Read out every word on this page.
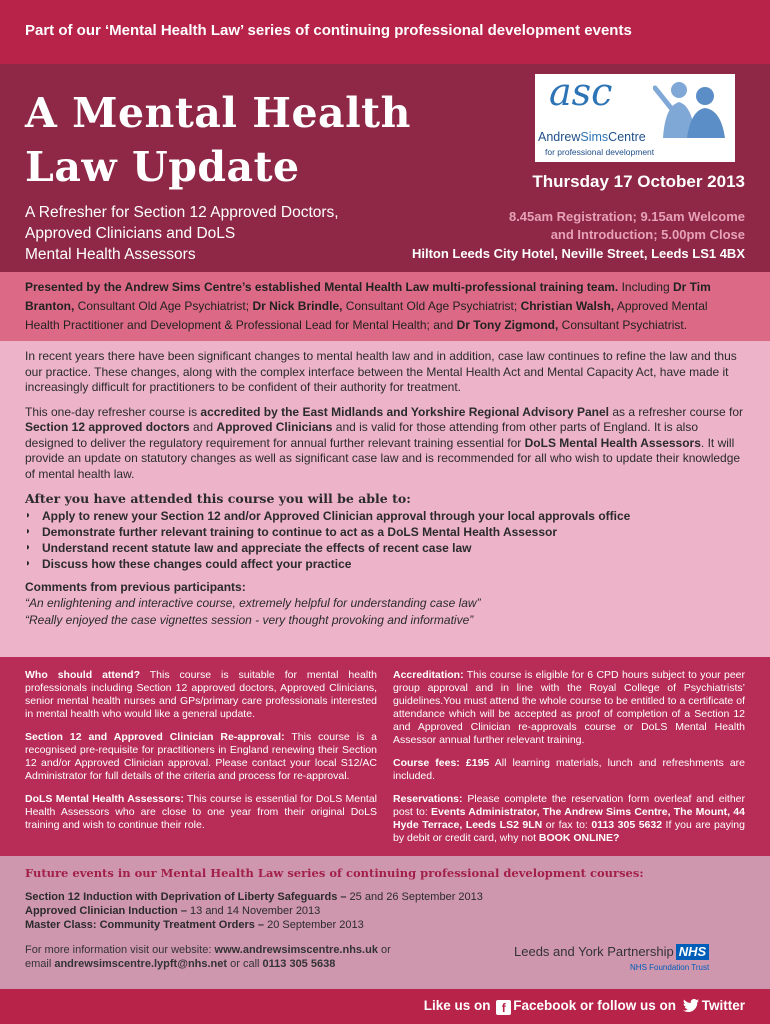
Part of our ‘Mental Health Law’ series of continuing professional development events
A Mental Health
Law Update
A Refresher for Section 12 Approved Doctors,
Approved Clinicians and DoLS
Mental Health Assessors
asc
AndrewSimsCentre
for professional development
Thursday 17 October 2013
8.45am Registration; 9.15am Welcome
and Introduction; 5.00pm Close
Hilton Leeds City Hotel, Neville Street, Leeds LS1 4BX
Presented by the Andrew Sims Centre’s established Mental Health Law multi-professional training team. Including Dr Tim Branton, Consultant Old Age Psychiatrist; Dr Nick Brindle, Consultant Old Age Psychiatrist; Christian Walsh, Approved Mental Health Practitioner and Development & Professional Lead for Mental Health; and Dr Tony Zigmond, Consultant Psychiatrist.

In recent years there have been significant changes to mental health law and in addition, case law continues to refine the law and thus our practice. These changes, along with the complex interface between the Mental Health Act and Mental Capacity Act, have made it increasingly difficult for practitioners to be confident of their authority for treatment.

This one-day refresher course is accredited by the East Midlands and Yorkshire Regional Advisory Panel as a refresher course for Section 12 approved doctors and Approved Clinicians and is valid for those attending from other parts of England. It is also designed to deliver the regulatory requirement for annual further relevant training essential for DoLS Mental Health Assessors. It will provide an update on statutory changes as well as significant case law and is recommended for all who wish to update their knowledge of mental health law.

After you have attended this course you will be able to:
◗ Apply to renew your Section 12 and/or Approved Clinician approval through your local approvals office
◗ Demonstrate further relevant training to continue to act as a DoLS Mental Health Assessor
◗ Understand recent statute law and appreciate the effects of recent case law
◗ Discuss how these changes could affect your practice
Comments from previous participants:
“An enlightening and interactive course, extremely helpful for understanding case law”
“Really enjoyed the case vignettes session - very thought provoking and informative”

Who should attend? This course is suitable for mental health professionals including Section 12 approved doctors, Approved Clinicians, senior mental health nurses and GPs/primary care professionals interested in mental health who would like a general update.

Section 12 and Approved Clinician Re-approval: This course is a recognised pre-requisite for practitioners in England renewing their Section 12 and/or Approved Clinician approval. Please contact your local S12/AC Administrator for full details of the criteria and process for re-approval.

DoLS Mental Health Assessors: This course is essential for DoLS Mental Health Assessors who are close to one year from their original DoLS training and wish to continue their role.

Accreditation: This course is eligible for 6 CPD hours subject to your peer group approval and in line with the Royal College of Psychiatrists’ guidelines.You must attend the whole course to be entitled to a certificate of attendance which will be accepted as proof of completion of a Section 12 and Approved Clinician re-approvals course or DoLS Mental Health Assessor annual further relevant training.

Course fees: £195 All learning materials, lunch and refreshments are included.

Reservations: Please complete the reservation form overleaf and either post to: Events Administrator, The Andrew Sims Centre, The Mount, 44 Hyde Terrace, Leeds LS2 9LN or fax to: 0113 305 5632 If you are paying by debit or credit card, why not BOOK ONLINE?

Future events in our Mental Health Law series of continuing professional development courses:
Section 12 Induction with Deprivation of Liberty Safeguards – 25 and 26 September 2013
Approved Clinician Induction – 13 and 14 November 2013
Master Class: Community Treatment Orders – 20 September 2013
For more information visit our website: www.andrewsimscentre.nhs.uk or
email andrewsimscentre.lypft@nhs.net or call 0113 305 5638
Leeds and York Partnership NHS
NHS Foundation Trust
Like us on f Facebook or follow us on Twitter
